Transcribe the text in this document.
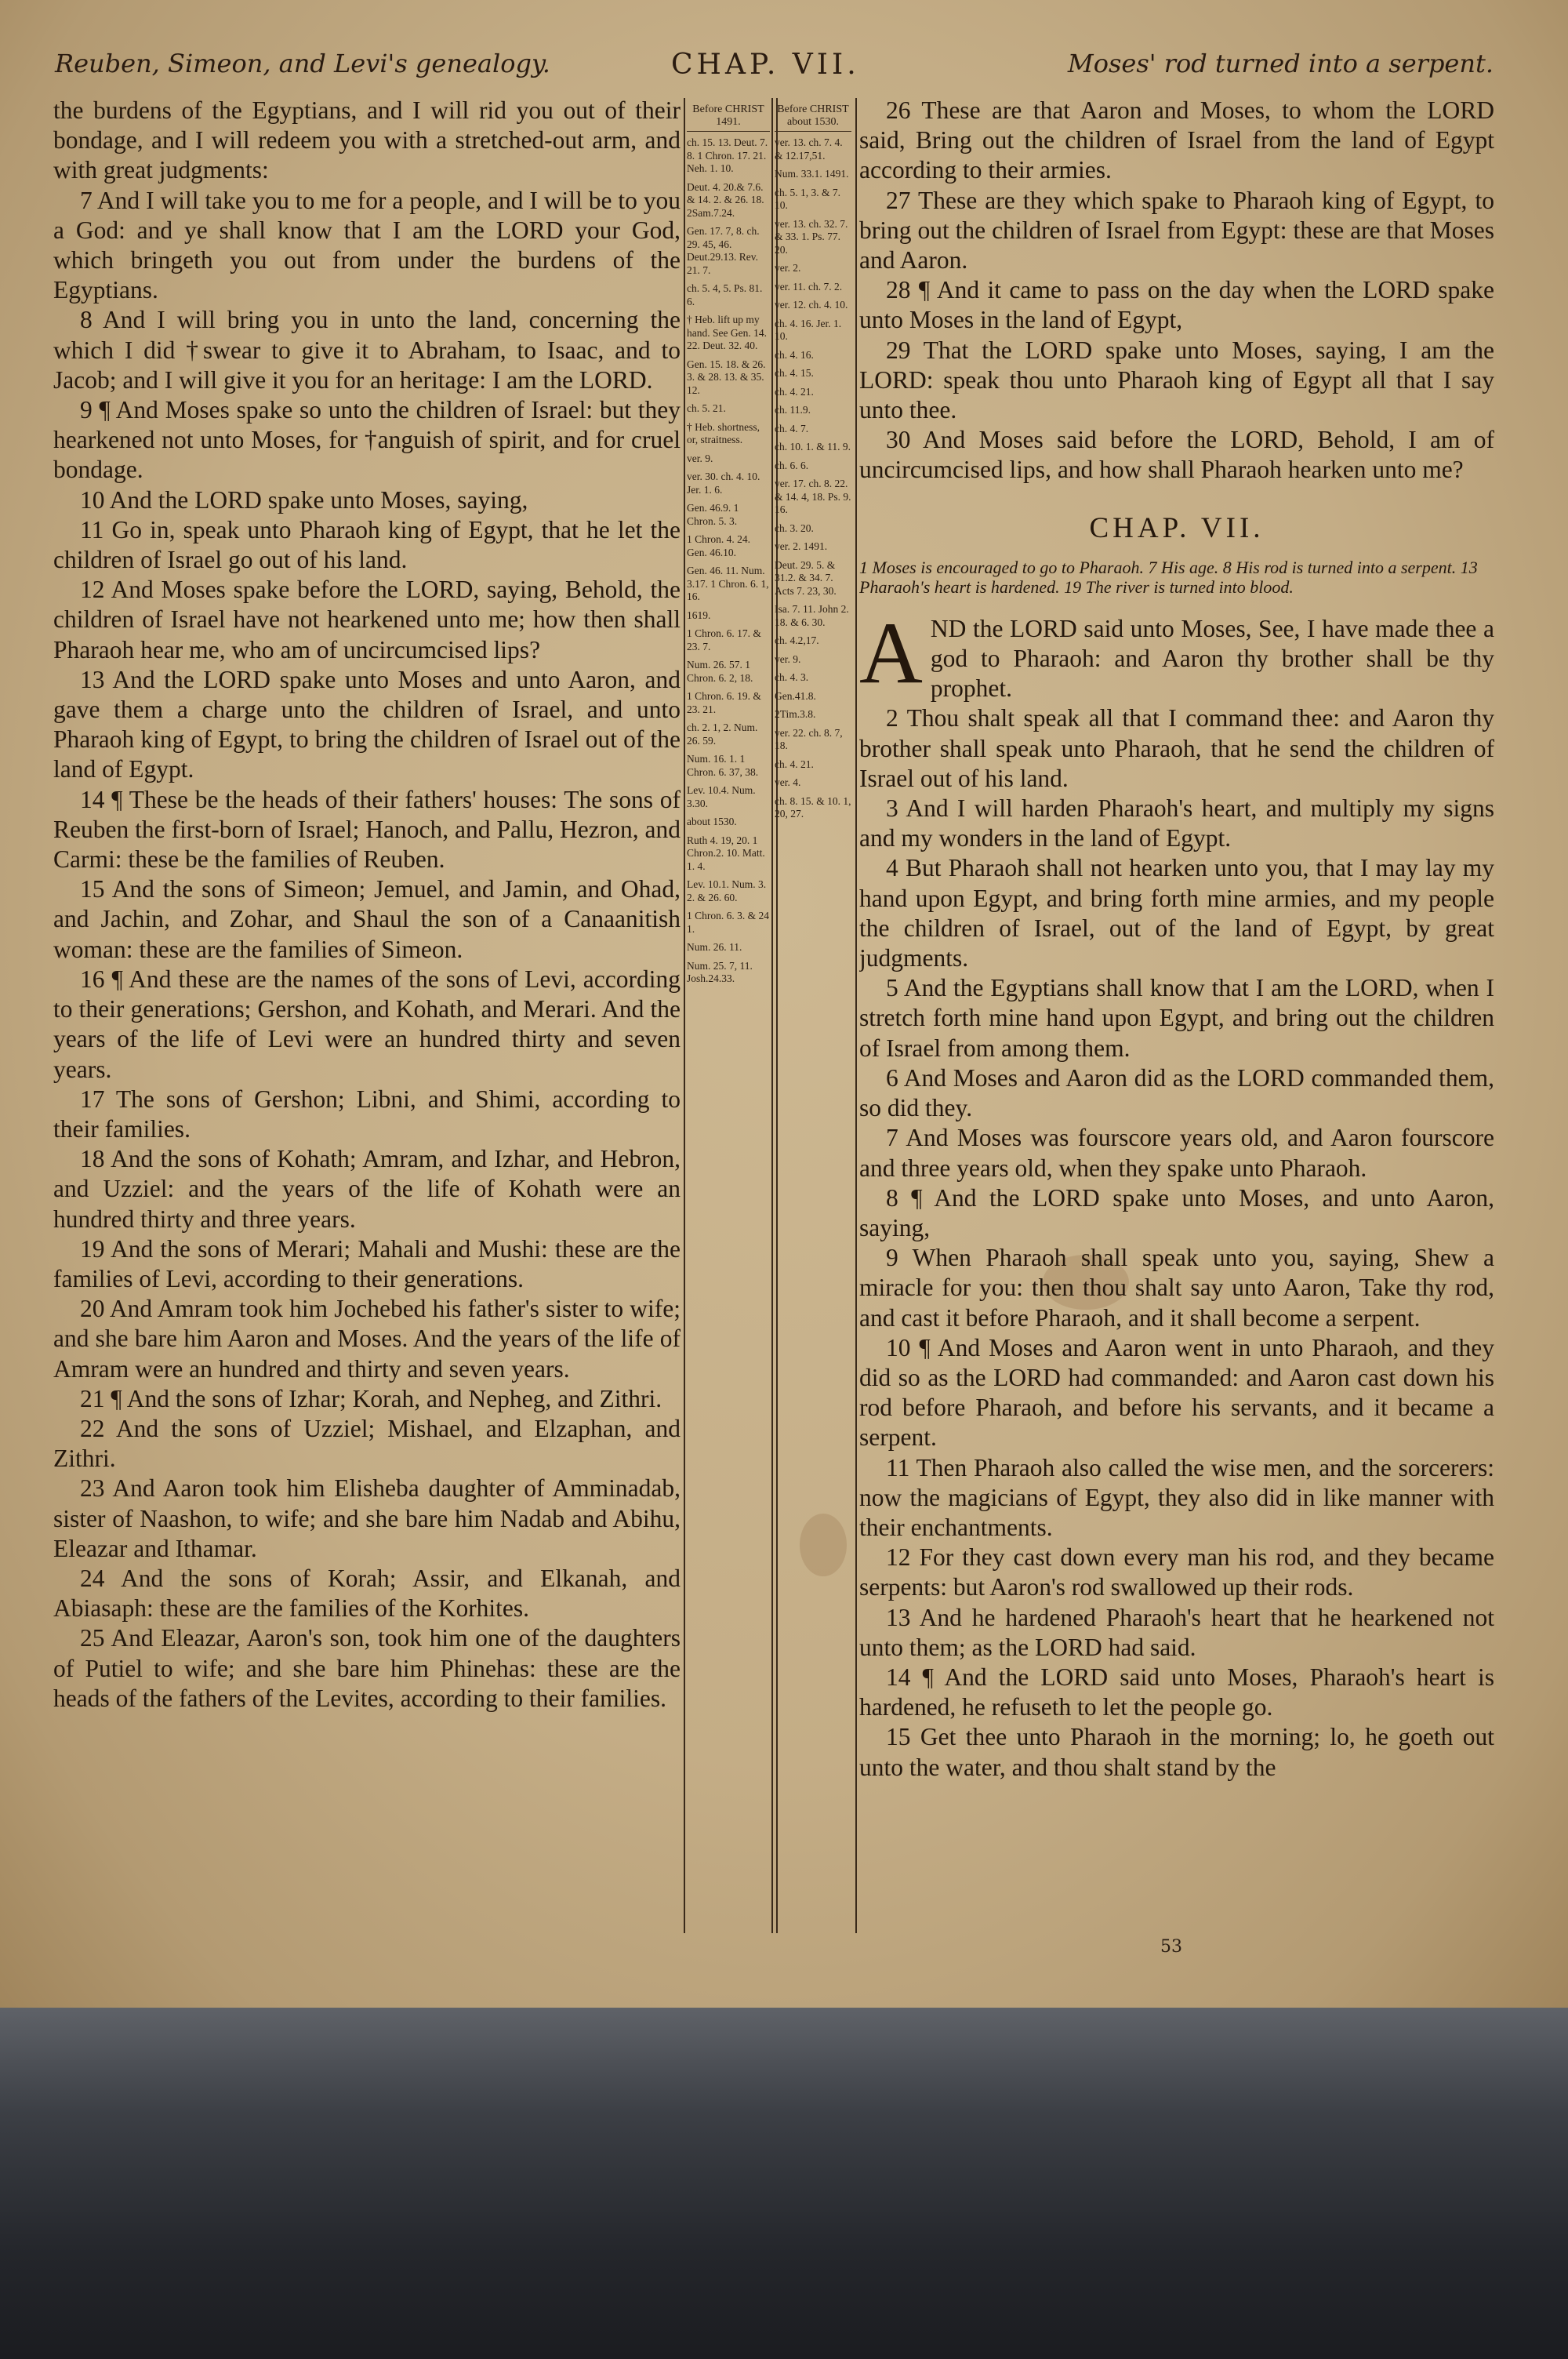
Reuben, Simeon, and Levi's genealogy.	CHAP. VII.	Moses' rod turned into a serpent.

the burdens of the Egyptians, and I will rid you out of their bondage, and I will redeem you with a stretched-out arm, and with great judgments:

7 And I will take you to me for a people, and I will be to you a God: and ye shall know that I am the LORD your God, which bringeth you out from under the burdens of the Egyptians.

8 And I will bring you in unto the land, concerning the which I did †swear to give it to Abraham, to Isaac, and to Jacob; and I will give it you for an heritage: I am the LORD.

9 ¶ And Moses spake so unto the children of Israel: but they hearkened not unto Moses, for †anguish of spirit, and for cruel bondage.

10 And the LORD spake unto Moses, saying,

11 Go in, speak unto Pharaoh king of Egypt, that he let the children of Israel go out of his land.

12 And Moses spake before the LORD, saying, Behold, the children of Israel have not hearkened unto me; how then shall Pharaoh hear me, who am of uncircumcised lips?

13 And the LORD spake unto Moses and unto Aaron, and gave them a charge unto the children of Israel, and unto Pharaoh king of Egypt, to bring the children of Israel out of the land of Egypt.

14 ¶ These be the heads of their fathers' houses: The sons of Reuben the first-born of Israel; Hanoch, and Pallu, Hezron, and Carmi: these be the families of Reuben.

15 And the sons of Simeon; Jemuel, and Jamin, and Ohad, and Jachin, and Zohar, and Shaul the son of a Canaanitish woman: these are the families of Simeon.

16 ¶ And these are the names of the sons of Levi, according to their generations; Gershon, and Kohath, and Merari. And the years of the life of Levi were an hundred thirty and seven years.

17 The sons of Gershon; Libni, and Shimi, according to their families.

18 And the sons of Kohath; Amram, and Izhar, and Hebron, and Uzziel: and the years of the life of Kohath were an hundred thirty and three years.

19 And the sons of Merari; Mahali and Mushi: these are the families of Levi, according to their generations.

20 And Amram took him Jochebed his father's sister to wife; and she bare him Aaron and Moses. And the years of the life of Amram were an hundred and thirty and seven years.

21 ¶ And the sons of Izhar; Korah, and Nepheg, and Zithri.

22 And the sons of Uzziel; Mishael, and Elzaphan, and Zithri.

23 And Aaron took him Elisheba daughter of Amminadab, sister of Naashon, to wife; and she bare him Nadab and Abihu, Eleazar and Ithamar.

24 And the sons of Korah; Assir, and Elkanah, and Abiasaph: these are the families of the Korhites.

25 And Eleazar, Aaron's son, took him one of the daughters of Putiel to wife; and she bare him Phinehas: these are the heads of the fathers of the Levites, according to their families.

Before CHRIST 1491.
ch. 15. 13. Deut. 7. 8. 1 Chron. 17. 21. Neh. 1. 10.
Deut. 4. 20.& 7.6. & 14. 2. & 26. 18. 2Sam.7.24.
Gen. 17. 7, 8. ch. 29. 45, 46. Deut.29.13. Rev. 21. 7.
ch. 5. 4, 5. Ps. 81. 6.
† Heb. lift up my hand. See Gen. 14. 22. Deut. 32. 40.
Gen. 15. 18. & 26. 3. & 28. 13. & 35. 12.
ch. 5. 21.
† Heb. shortness, or, straitness.
ver. 9.
ver. 30. ch. 4. 10. Jer. 1. 6.
Gen. 46.9. 1 Chron. 5. 3.
1 Chron. 4. 24. Gen. 46.10.
Gen. 46. 11. Num. 3.17. 1 Chron. 6. 1, 16.
1619.
1 Chron. 6. 17. & 23. 7.
Num. 26. 57. 1 Chron. 6. 2, 18.
1 Chron. 6. 19. & 23. 21.
ch. 2. 1, 2. Num. 26. 59.
Num. 16. 1. 1 Chron. 6. 37, 38.
Lev. 10.4. Num. 3.30.
about 1530.
Ruth 4. 19, 20. 1 Chron.2. 10. Matt. 1. 4.
Lev. 10.1. Num. 3. 2. & 26. 60.
1 Chron. 6. 3. & 24 1.
Num. 26. 11.
Num. 25. 7, 11. Josh.24.33.
Before CHRIST about 1530.
ver. 13. ch. 7. 4. & 12.17,51.
Num. 33.1. 1491.
ch. 5. 1, 3. & 7. 10.
ver. 13. ch. 32. 7. & 33. 1. Ps. 77. 20.
ver. 2.
ver. 11. ch. 7. 2.
ver. 12. ch. 4. 10.
ch. 4. 16. Jer. 1. 10.
ch. 4. 16.
ch. 4. 15.
ch. 4. 21.
ch. 11.9.
ch. 4. 7.
ch. 10. 1. & 11. 9.
ch. 6. 6.
ver. 17. ch. 8. 22. & 14. 4, 18. Ps. 9. 16.
ch. 3. 20.
ver. 2. 1491.
Deut. 29. 5. & 31.2. & 34. 7. Acts 7. 23, 30.
Isa. 7. 11. John 2. 18. & 6. 30.
ch. 4.2,17.
ver. 9.
ch. 4. 3.
Gen.41.8.
2Tim.3.8.
ver. 22. ch. 8. 7, 18.
ch. 4. 21.
ver. 4.
ch. 8. 15. & 10. 1, 20, 27.

26 These are that Aaron and Moses, to whom the LORD said, Bring out the children of Israel from the land of Egypt according to their armies.

27 These are they which spake to Pharaoh king of Egypt, to bring out the children of Israel from Egypt: these are that Moses and Aaron.

28 ¶ And it came to pass on the day when the LORD spake unto Moses in the land of Egypt,

29 That the LORD spake unto Moses, saying, I am the LORD: speak thou unto Pharaoh king of Egypt all that I say unto thee.

30 And Moses said before the LORD, Behold, I am of uncircumcised lips, and how shall Pharaoh hearken unto me?

CHAP. VII.

1 Moses is encouraged to go to Pharaoh. 7 His age. 8 His rod is turned into a serpent. 13 Pharaoh's heart is hardened. 19 The river is turned into blood.

AND the LORD said unto Moses, See, I have made thee a god to Pharaoh: and Aaron thy brother shall be thy prophet.

2 Thou shalt speak all that I command thee: and Aaron thy brother shall speak unto Pharaoh, that he send the children of Israel out of his land.

3 And I will harden Pharaoh's heart, and multiply my signs and my wonders in the land of Egypt.

4 But Pharaoh shall not hearken unto you, that I may lay my hand upon Egypt, and bring forth mine armies, and my people the children of Israel, out of the land of Egypt, by great judgments.

5 And the Egyptians shall know that I am the LORD, when I stretch forth mine hand upon Egypt, and bring out the children of Israel from among them.

6 And Moses and Aaron did as the LORD commanded them, so did they.

7 And Moses was fourscore years old, and Aaron fourscore and three years old, when they spake unto Pharaoh.

8 ¶ And the LORD spake unto Moses, and unto Aaron, saying,

9 When Pharaoh shall speak unto you, saying, Shew a miracle for you: then thou shalt say unto Aaron, Take thy rod, and cast it before Pharaoh, and it shall become a serpent.

10 ¶ And Moses and Aaron went in unto Pharaoh, and they did so as the LORD had commanded: and Aaron cast down his rod before Pharaoh, and before his servants, and it became a serpent.

11 Then Pharaoh also called the wise men, and the sorcerers: now the magicians of Egypt, they also did in like manner with their enchantments.

12 For they cast down every man his rod, and they became serpents: but Aaron's rod swallowed up their rods.

13 And he hardened Pharaoh's heart that he hearkened not unto them; as the LORD had said.

14 ¶ And the LORD said unto Moses, Pharaoh's heart is hardened, he refuseth to let the people go.

15 Get thee unto Pharaoh in the morning; lo, he goeth out unto the water, and thou shalt stand by the

53
